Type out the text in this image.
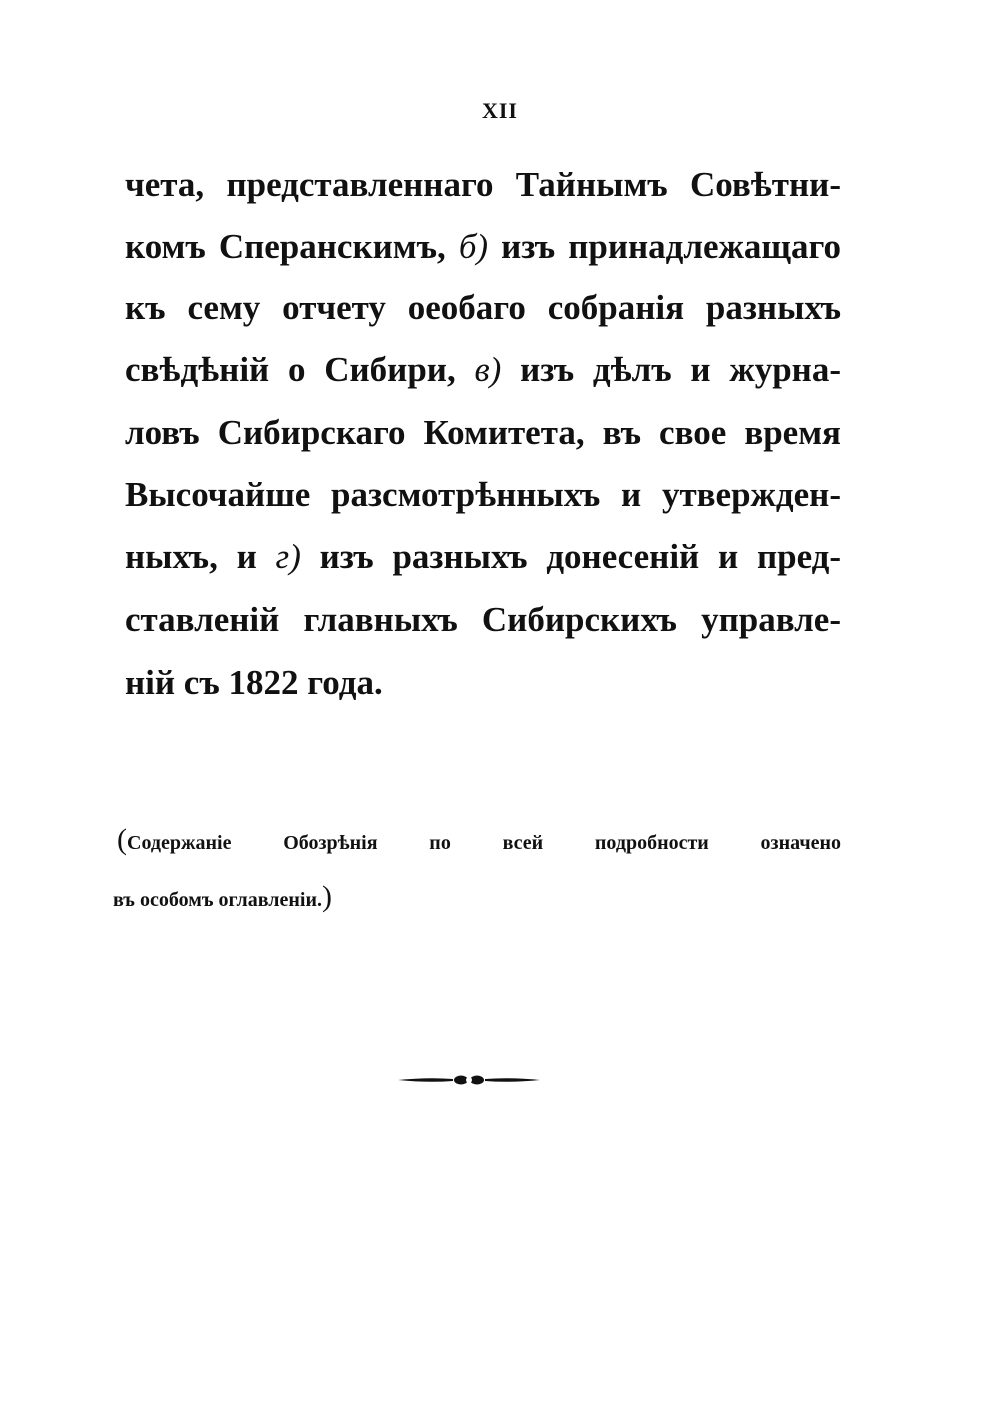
XII
чета, представленнаго Тайнымъ Совѣтни-
комъ Сперанскимъ, б) изъ принадлежащаго
къ сему отчету оеобаго собранія разныхъ
свѣдѣній о Сибири, в) изъ дѣлъ и журна-
ловъ Сибирскаго Комитета, въ свое время
Высочайше разсмотрѣнныхъ и утвержден-
ныхъ, и г) изъ разныхъ донесеній и пред-
ставленій главныхъ Сибирскихъ управле-
ній съ 1822 года.
(Содержаніе Обозрѣнія по всей подробности означено
въ особомъ оглавленіи.)
